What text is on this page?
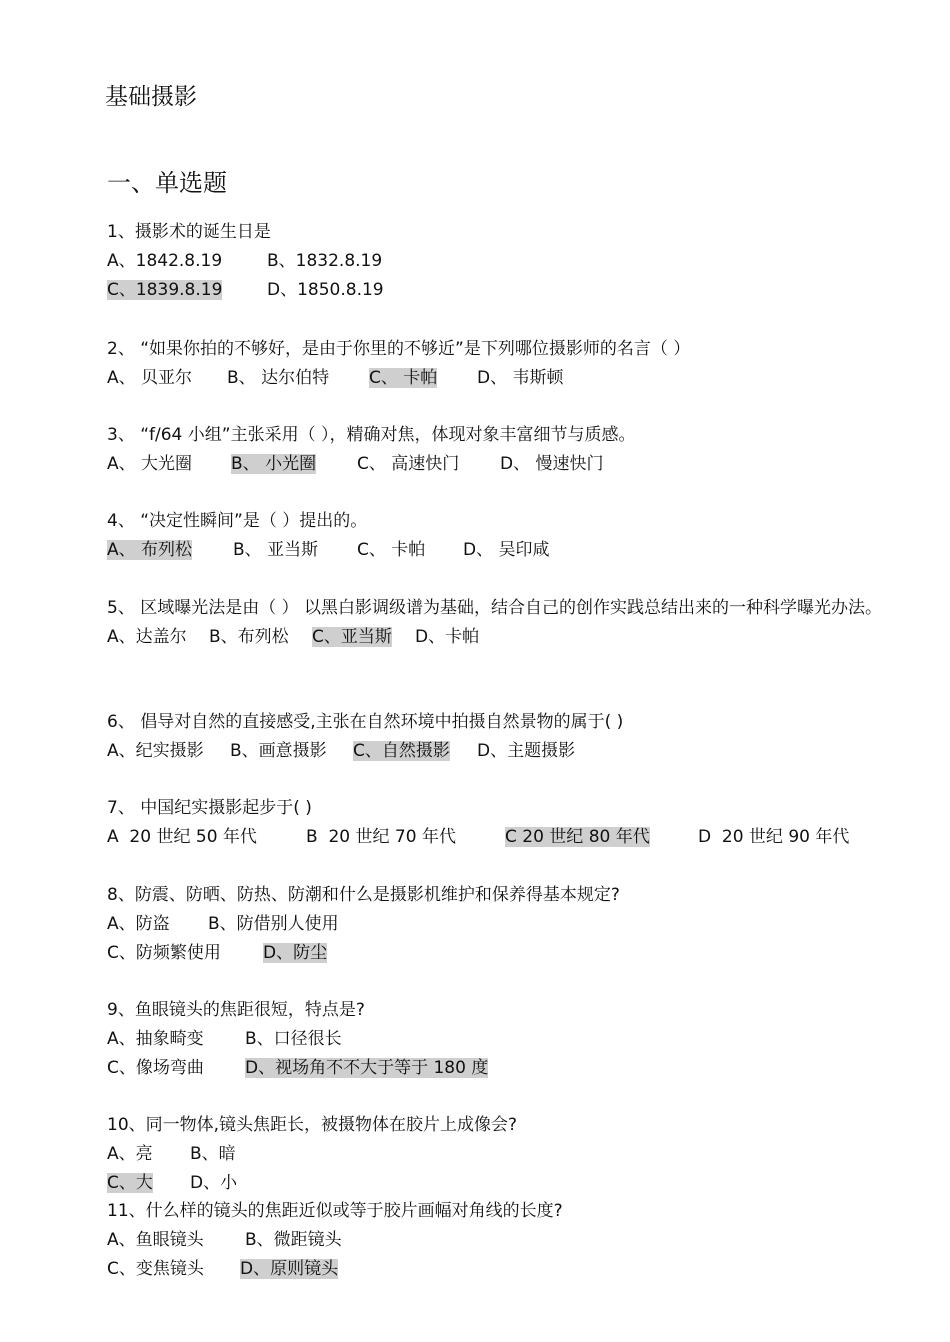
基础摄影
一、单选题
1、摄影术的诞生日是
A、1842.8.19	B、1832.8.19
C、1839.8.19	D、1850.8.19
2、 “如果你拍的不够好，是由于你里的不够近”是下列哪位摄影师的名言（ ）
A、 贝亚尔 B、 达尔伯特 C、 卡帕 D、 韦斯顿
3、 “f/64 小组”主张采用（ ），精确对焦，体现对象丰富细节与质感。
A、 大光圈 B、 小光圈 C、 高速快门 D、 慢速快门
4、 “决定性瞬间”是（ ）提出的。
A、 布列松 B、 亚当斯 C、 卡帕 D、 吴印咸
5、 区域曝光法是由（ ） 以黑白影调级谱为基础，结合自己的创作实践总结出来的一种科学曝光办法。
A、达盖尔 B、布列松 C、亚当斯 D、卡帕
6、 倡导对自然的直接感受,主张在自然环境中拍摄自然景物的属于( )
A、纪实摄影 B、画意摄影 C、自然摄影 D、主题摄影
7、 中国纪实摄影起步于( )
A  20 世纪 50 年代	B  20 世纪 70 年代	C 20 世纪 80 年代	D  20 世纪 90 年代
8、防震、防晒、防热、防潮和什么是摄影机维护和保养得基本规定?
A、防盗 B、防借别人使用
C、防频繁使用 D、防尘
9、鱼眼镜头的焦距很短，特点是?
A、抽象畸变 B、口径很长
C、像场弯曲 D、视场角不不大于等于 180 度
10、同一物体,镜头焦距长，被摄物体在胶片上成像会?
A、亮 B、暗
C、大 D、小
11、什么样的镜头的焦距近似或等于胶片画幅对角线的长度?
A、鱼眼镜头 B、微距镜头
C、变焦镜头 D、原则镜头
